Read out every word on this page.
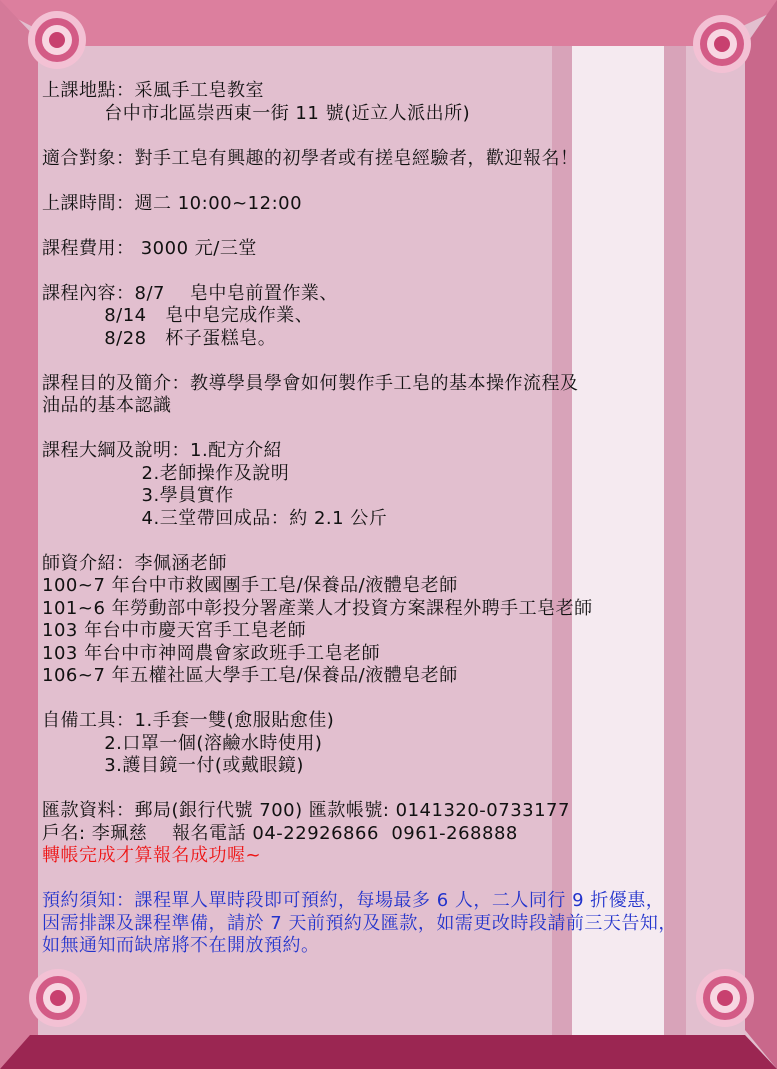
上課地點：采風手工皂教室
台中市北區崇西東一街 11 號(近立人派出所)
適合對象：對手工皂有興趣的初學者或有搓皂經驗者，歡迎報名！
上課時間：週二 10:00~12:00
課程費用： 3000 元/三堂
課程內容：8/7    皂中皂前置作業、
8/14   皂中皂完成作業、
8/28   杯子蛋糕皂。
課程目的及簡介：教導學員學會如何製作手工皂的基本操作流程及
油品的基本認識
課程大綱及說明：1.配方介紹
2.老師操作及說明
3.學員實作
4.三堂帶回成品：約 2.1 公斤
師資介紹：李佩涵老師
100~7 年台中市救國團手工皂/保養品/液體皂老師
101~6 年勞動部中彰投分署產業人才投資方案課程外聘手工皂老師
103 年台中市慶天宮手工皂老師
103 年台中市神岡農會家政班手工皂老師
106~7 年五權社區大學手工皂/保養品/液體皂老師
自備工具：1.手套一雙(愈服貼愈佳)
2.口罩一個(溶鹼水時使用)
3.護目鏡一付(或戴眼鏡)
匯款資料：郵局(銀行代號 700) 匯款帳號: 0141320-0733177
戶名: 李珮慈    報名電話 04-22926866  0961-268888
轉帳完成才算報名成功喔~
預約須知：課程單人單時段即可預約，每場最多 6 人，二人同行 9 折優惠，
因需排課及課程準備，請於 7 天前預約及匯款，如需更改時段請前三天告知，
如無通知而缺席將不在開放預約。
